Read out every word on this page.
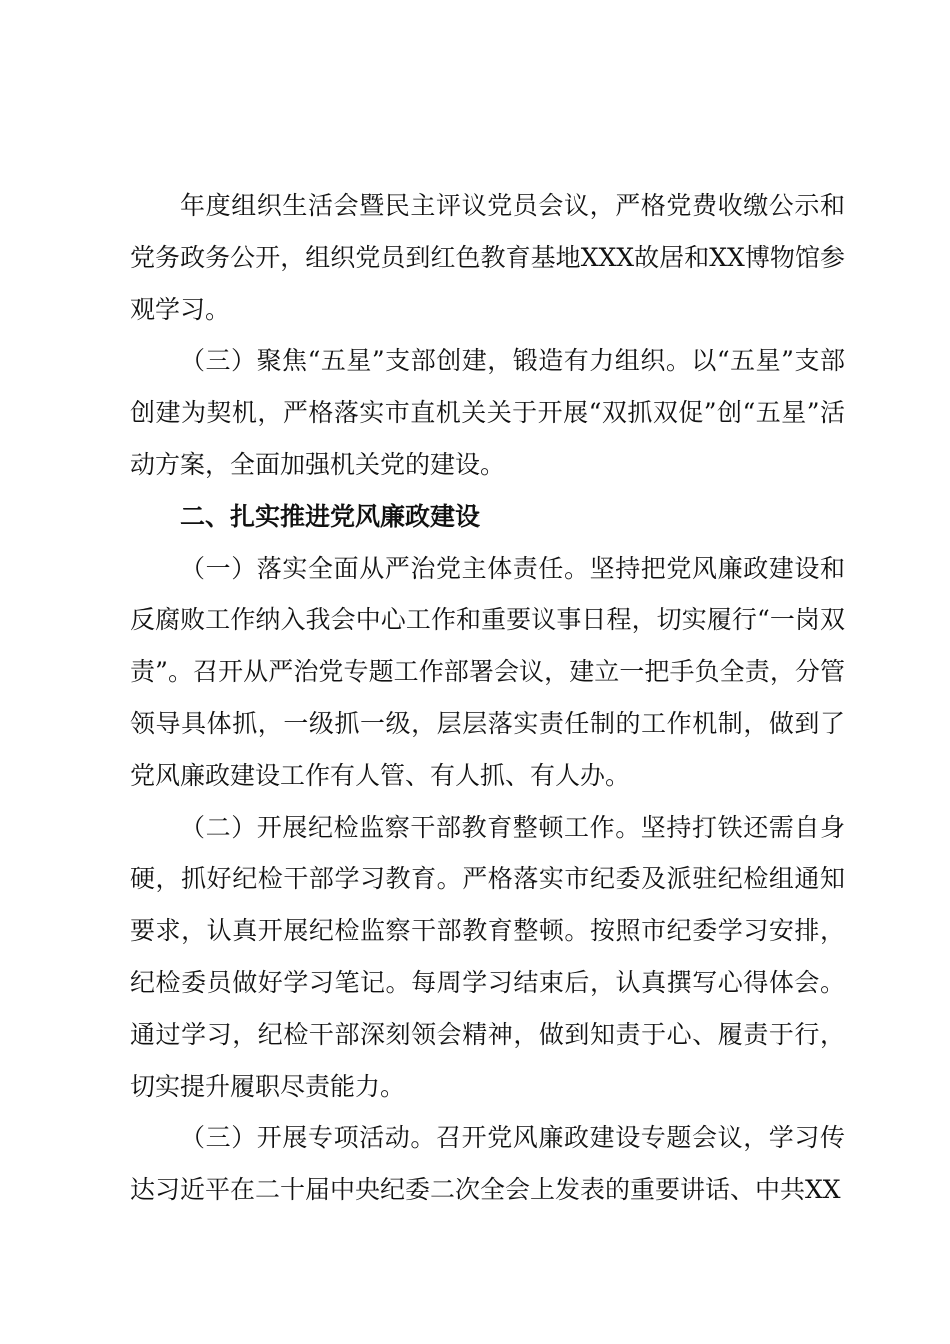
年度组织生活会暨民主评议党员会议，严格党费收缴公示和党务政务公开，组织党员到红色教育基地XXX故居和XX博物馆参观学习。

（三）聚焦“五星”支部创建，锻造有力组织。以“五星”支部创建为契机，严格落实市直机关关于开展“双抓双促”创“五星”活动方案，全面加强机关党的建设。

二、扎实推进党风廉政建设

（一）落实全面从严治党主体责任。坚持把党风廉政建设和反腐败工作纳入我会中心工作和重要议事日程，切实履行“一岗双责”。召开从严治党专题工作部署会议，建立一把手负全责，分管领导具体抓，一级抓一级，层层落实责任制的工作机制，做到了党风廉政建设工作有人管、有人抓、有人办。

（二）开展纪检监察干部教育整顿工作。坚持打铁还需自身硬，抓好纪检干部学习教育。严格落实市纪委及派驻纪检组通知要求，认真开展纪检监察干部教育整顿。按照市纪委学习安排，纪检委员做好学习笔记。每周学习结束后，认真撰写心得体会。通过学习，纪检干部深刻领会精神，做到知责于心、履责于行，切实提升履职尽责能力。

（三）开展专项活动。召开党风廉政建设专题会议，学习传达习近平在二十届中央纪委二次全会上发表的重要讲话、中共XX
